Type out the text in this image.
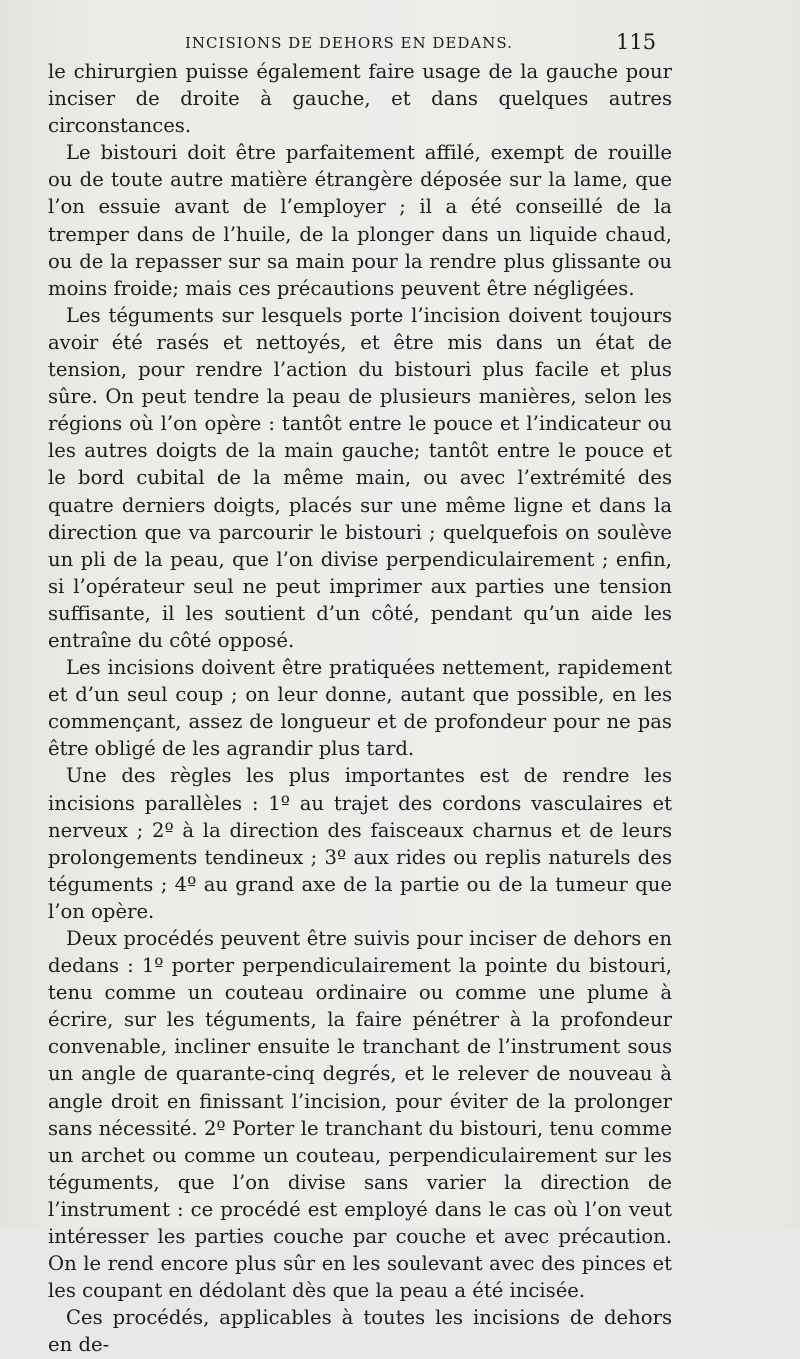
INCISIONS DE DEHORS EN DEDANS.	115

le chirurgien puisse également faire usage de la gauche pour inciser de droite à gauche, et dans quelques autres circonstances.

Le bistouri doit être parfaitement affilé, exempt de rouille ou de toute autre matière étrangère déposée sur la lame, que l’on essuie avant de l’employer ; il a été conseillé de la tremper dans de l’huile, de la plonger dans un liquide chaud, ou de la repasser sur sa main pour la rendre plus glissante ou moins froide; mais ces précautions peuvent être négligées.

Les téguments sur lesquels porte l’incision doivent toujours avoir été rasés et nettoyés, et être mis dans un état de tension, pour rendre l’action du bistouri plus facile et plus sûre. On peut tendre la peau de plusieurs manières, selon les régions où l’on opère : tantôt entre le pouce et l’indicateur ou les autres doigts de la main gauche; tantôt entre le pouce et le bord cubital de la même main, ou avec l’extrémité des quatre derniers doigts, placés sur une même ligne et dans la direction que va parcourir le bistouri ; quelquefois on soulève un pli de la peau, que l’on divise perpendiculairement ; enfin, si l’opérateur seul ne peut imprimer aux parties une tension suffisante, il les soutient d’un côté, pendant qu’un aide les entraîne du côté opposé.

Les incisions doivent être pratiquées nettement, rapidement et d’un seul coup ; on leur donne, autant que possible, en les commençant, assez de longueur et de profondeur pour ne pas être obligé de les agrandir plus tard.

Une des règles les plus importantes est de rendre les incisions parallèles : 1º au trajet des cordons vasculaires et nerveux ; 2º à la direction des faisceaux charnus et de leurs prolongements tendineux ; 3º aux rides ou replis naturels des téguments ; 4º au grand axe de la partie ou de la tumeur que l’on opère.

Deux procédés peuvent être suivis pour inciser de dehors en dedans : 1º porter perpendiculairement la pointe du bistouri, tenu comme un couteau ordinaire ou comme une plume à écrire, sur les téguments, la faire pénétrer à la profondeur convenable, incliner ensuite le tranchant de l’instrument sous un angle de quarante-cinq degrés, et le relever de nouveau à angle droit en finissant l’incision, pour éviter de la prolonger sans nécessité. 2º Porter le tranchant du bistouri, tenu comme un archet ou comme un couteau, perpendiculairement sur les téguments, que l’on divise sans varier la direction de l’instrument : ce procédé est employé dans le cas où l’on veut intéresser les parties couche par couche et avec précaution. On le rend encore plus sûr en les soulevant avec des pinces et les coupant en dédolant dès que la peau a été incisée.

Ces procédés, applicables à toutes les incisions de dehors en de-
